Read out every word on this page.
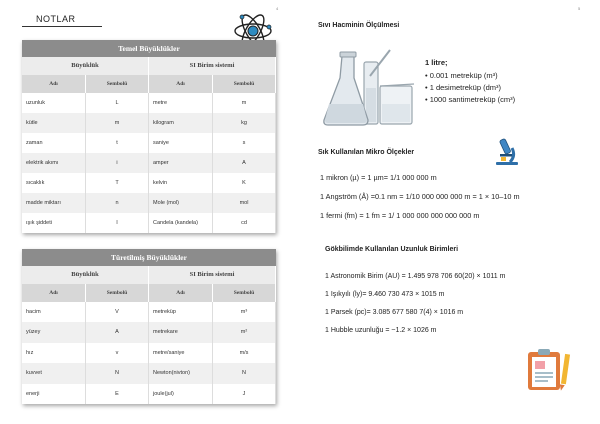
4	5
NOTLAR
Temel Büyüklükler
Büyüklük	SI Birim sistemi
Adı	Sembolü	Adı	Sembolü
uzunluk	L	metre	m
kütle	m	kilogram	kg
zaman	t	saniye	s
elektrik akımı	i	amper	A
sıcaklık	T	kelvin	K
madde miktarı	n	Mole (mol)	mol
ışık şiddeti	I	Candela (kandela)	cd
Türetilmiş Büyüklükler
Büyüklük	SI Birim sistemi
Adı	Sembolü	Adı	Sembolü
hacim	V	metreküp	m³
yüzey	A	metrekare	m²
hız	v	metre/saniye	m/s
kuvvet	N	Newton(nivton)	N
enerji	E	joule(jul)	J
Sıvı Hacminin Ölçülmesi
1 litre;
• 0.001 metreküp (m³)
• 1 desimetreküp (dm³)
• 1000 santimetreküp (cm³)
Sık Kullanılan Mikro Ölçekler
1 mikron (µ) = 1 µm= 1/1 000 000 m
1 Angström (Å) =0.1 nm = 1/10 000 000 000 m = 1 × 10–10 m
1 fermi (fm) = 1 fm = 1/ 1 000 000 000 000 000 m
Gökbilimde Kullanılan Uzunluk Birimleri
1 Astronomik Birim (AU) = 1.495 978 706 60(20) × 1011 m
1 Işıkyılı (ly)= 9.460 730 473 × 1015 m
1 Parsek (pc)= 3.085 677 580 7(4) × 1016 m
1 Hubble uzunluğu = ~1.2 × 1026 m
